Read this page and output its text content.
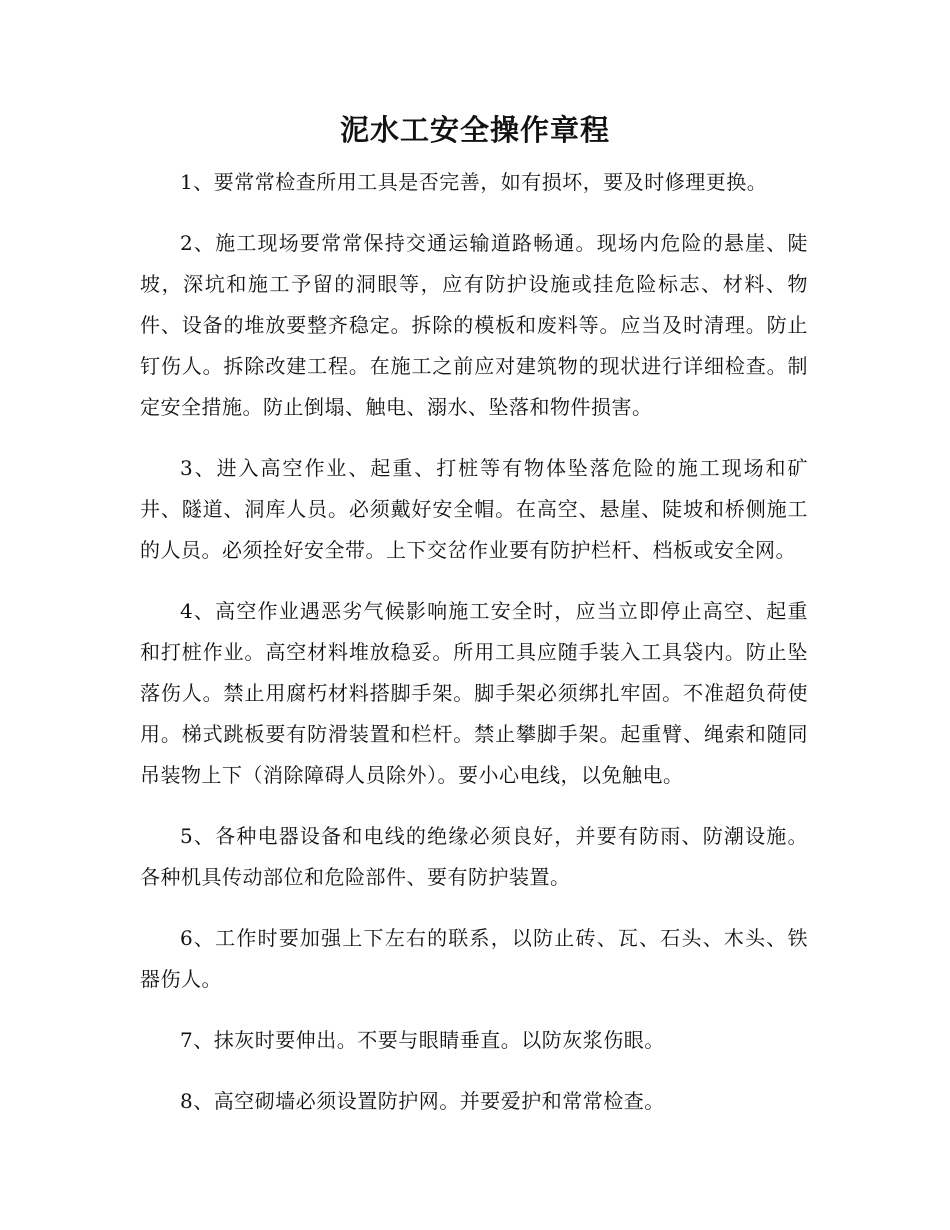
泥水工安全操作章程

1、要常常检查所用工具是否完善，如有损坏，要及时修理更换。

2、施工现场要常常保持交通运输道路畅通。现场内危险的悬崖、陡坡，深坑和施工予留的洞眼等，应有防护设施或挂危险标志、材料、物件、设备的堆放要整齐稳定。拆除的模板和废料等。应当及时清理。防止钉伤人。拆除改建工程。在施工之前应对建筑物的现状进行详细检查。制定安全措施。防止倒塌、触电、溺水、坠落和物件损害。

3、进入高空作业、起重、打桩等有物体坠落危险的施工现场和矿井、隧道、洞库人员。必须戴好安全帽。在高空、悬崖、陡坡和桥侧施工的人员。必须拴好安全带。上下交岔作业要有防护栏杆、档板或安全网。

4、高空作业遇恶劣气候影响施工安全时，应当立即停止高空、起重和打桩作业。高空材料堆放稳妥。所用工具应随手装入工具袋内。防止坠落伤人。禁止用腐朽材料搭脚手架。脚手架必须绑扎牢固。不准超负荷使用。梯式跳板要有防滑装置和栏杆。禁止攀脚手架。起重臂、绳索和随同吊装物上下（消除障碍人员除外）。要小心电线，以免触电。

5、各种电器设备和电线的绝缘必须良好，并要有防雨、防潮设施。各种机具传动部位和危险部件、要有防护装置。

6、工作时要加强上下左右的联系，以防止砖、瓦、石头、木头、铁器伤人。

7、抹灰时要伸出。不要与眼睛垂直。以防灰浆伤眼。

8、高空砌墙必须设置防护网。并要爱护和常常检查。
